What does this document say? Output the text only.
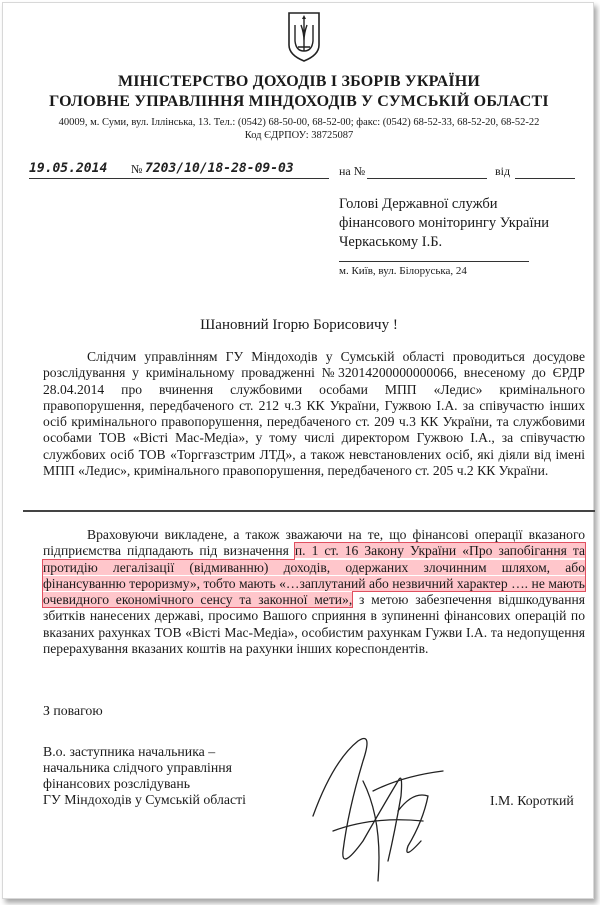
МІНІСТЕРСТВО ДОХОДІВ І ЗБОРІВ УКРАЇНИ
ГОЛОВНЕ УПРАВЛІННЯ МІНДОХОДІВ У СУМСЬКІЙ ОБЛАСТІ
40009, м. Суми, вул. Іллінська, 13. Тел.: (0542) 68-50-00, 68-52-00; факс: (0542) 68-52-33, 68-52-20, 68-52-22
Код ЄДРПОУ: 38725087
19.05.2014 № 7203/10/18-28-09-03	на №	від
Голові Державної служби
фінансового моніторингу України
Черкаському І.Б.
м. Київ, вул. Білоруська, 24
Шановний Ігорю Борисовичу !
Слідчим управлінням ГУ Міндоходів у Сумській області проводиться досудове розслідування у кримінальному провадженні №32014200000000066, внесеному до ЄРДР 28.04.2014 про вчинення службовими особами МПП «Ледис» кримінального правопорушення, передбаченого ст. 212 ч.3 КК України, Гужвою І.А. за співучастю інших осіб кримінального правопорушення, передбаченого ст. 209 ч.3 КК України, та службовими особами ТОВ «Вісті Мас-Медіа», у тому числі директором Гужвою І.А., за співучастю службових осіб ТОВ «Торгғазстрим ЛТД», а також невстановлених осіб, які діяли від імені МПП «Ледис», кримінального правопорушення, передбаченого ст. 205 ч.2 КК України.
Враховуючи викладене, а також зважаючи на те, що фінансові операції вказаного підприємства підпадають під визначення п. 1 ст. 16 Закону України «Про запобігання та протидію легалізації (відмиванню) доходів, одержаних злочинним шляхом, або фінансуванню тероризму», тобто мають «…заплутаний або незвичний характер …. не мають очевидного економічного сенсу та законної мети», з метою забезпечення відшкодування збитків нанесених державі, просимо Вашого сприяння в зупиненні фінансових операцій по вказаних рахунках ТОВ «Вісті Мас-Медіа», особистим рахункам Гужви І.А. та недопущення перерахування вказаних коштів на рахунки інших кореспондентів.
З повагою
В.о. заступника начальника –
начальника слідчого управління
фінансових розслідувань
ГУ Міндоходів у Сумській області	І.М. Короткий
